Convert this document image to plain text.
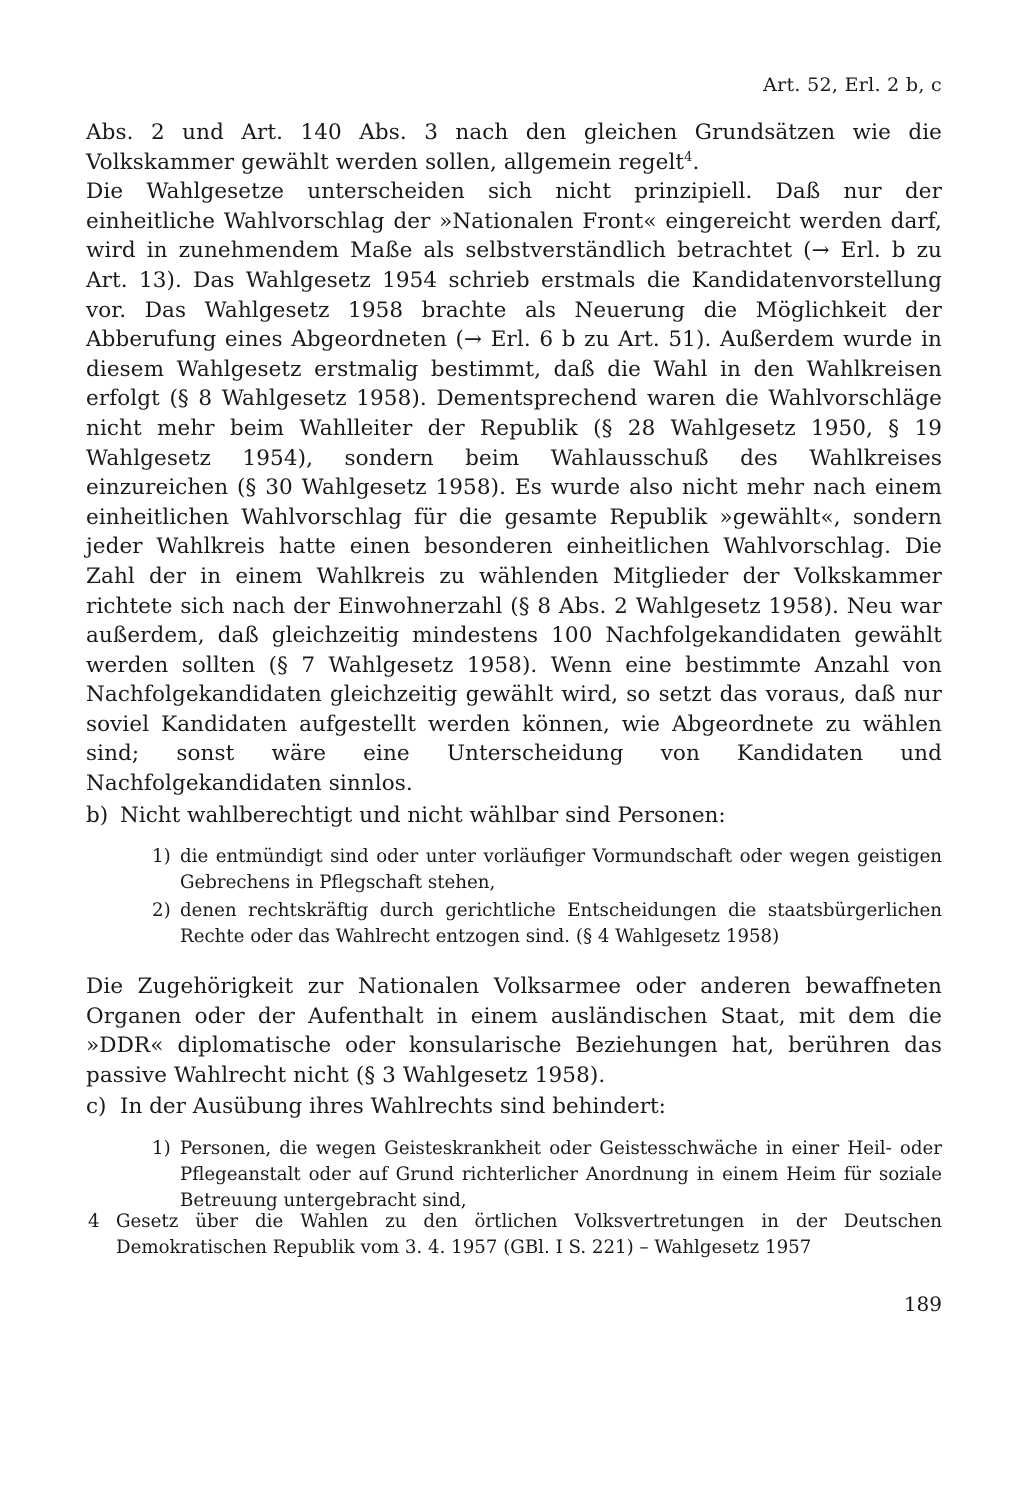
Art. 52, Erl. 2 b, c

Abs. 2 und Art. 140 Abs. 3 nach den gleichen Grundsätzen wie die Volkskammer gewählt werden sollen, allgemein regelt$^4$.

Die Wahlgesetze unterscheiden sich nicht prinzipiell. Daß nur der einheitliche Wahlvorschlag der »Nationalen Front« eingereicht werden darf, wird in zunehmendem Maße als selbstverständlich betrachtet (→ Erl. b zu Art. 13). Das Wahlgesetz 1954 schrieb erstmals die Kandidatenvorstellung vor. Das Wahlgesetz 1958 brachte als Neuerung die Möglichkeit der Abberufung eines Abgeordneten (→ Erl. 6 b zu Art. 51). Außerdem wurde in diesem Wahlgesetz erstmalig bestimmt, daß die Wahl in den Wahlkreisen erfolgt (§ 8 Wahlgesetz 1958). Dementsprechend waren die Wahlvorschläge nicht mehr beim Wahlleiter der Republik (§ 28 Wahlgesetz 1950, § 19 Wahlgesetz 1954), sondern beim Wahlausschuß des Wahlkreises einzureichen (§ 30 Wahlgesetz 1958). Es wurde also nicht mehr nach einem einheitlichen Wahlvorschlag für die gesamte Republik »gewählt«, sondern jeder Wahlkreis hatte einen besonderen einheitlichen Wahlvorschlag. Die Zahl der in einem Wahlkreis zu wählenden Mitglieder der Volkskammer richtete sich nach der Einwohnerzahl (§ 8 Abs. 2 Wahlgesetz 1958). Neu war außerdem, daß gleichzeitig mindestens 100 Nachfolgekandidaten gewählt werden sollten (§ 7 Wahlgesetz 1958). Wenn eine bestimmte Anzahl von Nachfolgekandidaten gleichzeitig gewählt wird, so setzt das voraus, daß nur soviel Kandidaten aufgestellt werden können, wie Abgeordnete zu wählen sind; sonst wäre eine Unterscheidung von Kandidaten und Nachfolgekandidaten sinnlos.

b) Nicht wahlberechtigt und nicht wählbar sind Personen:
1) die entmündigt sind oder unter vorläufiger Vormundschaft oder wegen geistigen Gebrechens in Pflegschaft stehen,
2) denen rechtskräftig durch gerichtliche Entscheidungen die staatsbürgerlichen Rechte oder das Wahlrecht entzogen sind. (§ 4 Wahlgesetz 1958)

Die Zugehörigkeit zur Nationalen Volksarmee oder anderen bewaffneten Organen oder der Aufenthalt in einem ausländischen Staat, mit dem die »DDR« diplomatische oder konsularische Beziehungen hat, berühren das passive Wahlrecht nicht (§ 3 Wahlgesetz 1958).

c) In der Ausübung ihres Wahlrechts sind behindert:
1) Personen, die wegen Geisteskrankheit oder Geistesschwäche in einer Heil- oder Pflegeanstalt oder auf Grund richterlicher Anordnung in einem Heim für soziale Betreuung untergebracht sind,
4 Gesetz über die Wahlen zu den örtlichen Volksvertretungen in der Deutschen Demokratischen Republik vom 3. 4. 1957 (GBl. I S. 221) – Wahlgesetz 1957
189
